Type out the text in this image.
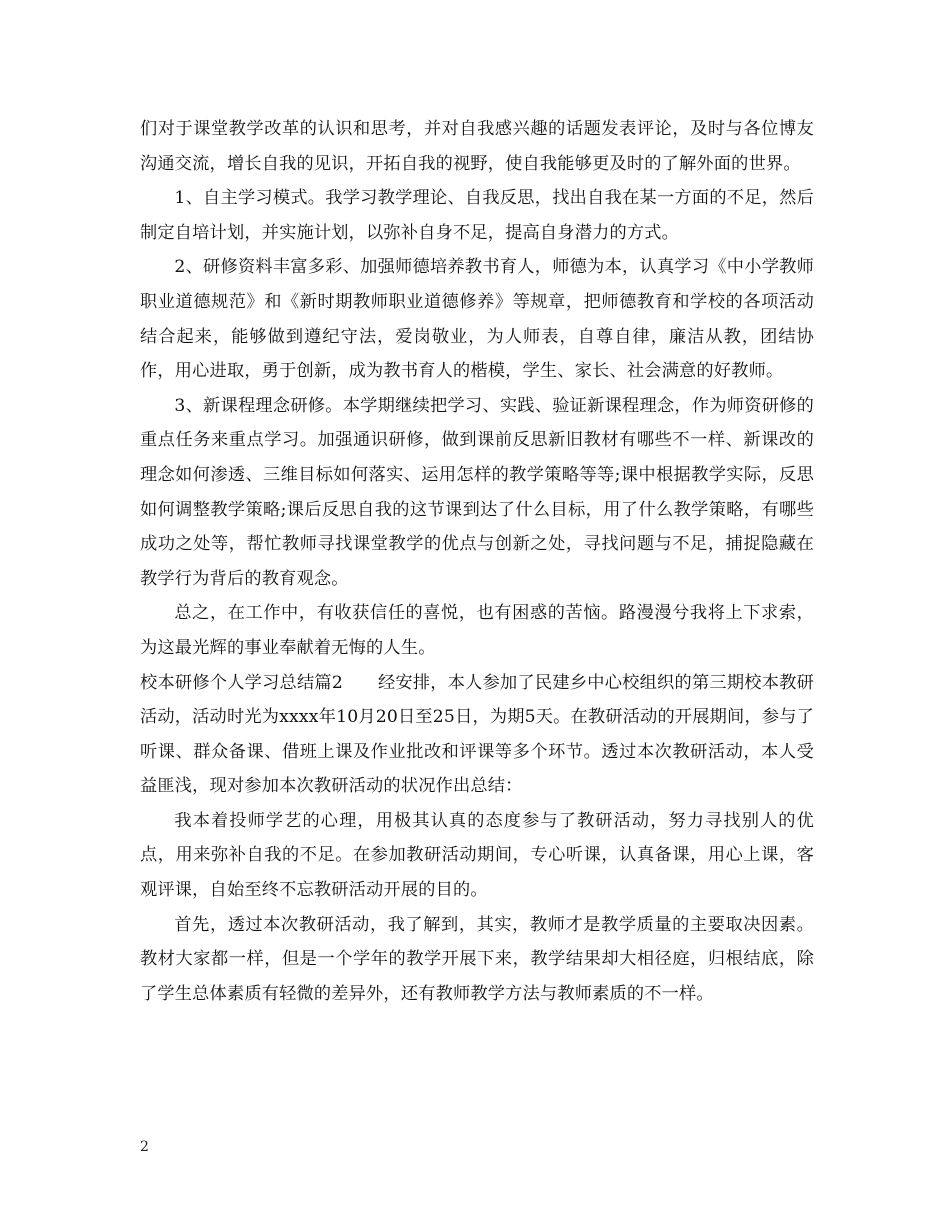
们对于课堂教学改革的认识和思考，并对自我感兴趣的话题发表评论，及时与各位博友沟通交流，增长自我的见识，开拓自我的视野，使自我能够更及时的了解外面的世界。

1、自主学习模式。我学习教学理论、自我反思，找出自我在某一方面的不足，然后制定自培计划，并实施计划，以弥补自身不足，提高自身潜力的方式。

2、研修资料丰富多彩、加强师德培养教书育人，师德为本，认真学习《中小学教师职业道德规范》和《新时期教师职业道德修养》等规章，把师德教育和学校的各项活动结合起来，能够做到遵纪守法，爱岗敬业，为人师表，自尊自律，廉洁从教，团结协作，用心进取，勇于创新，成为教书育人的楷模，学生、家长、社会满意的好教师。

3、新课程理念研修。本学期继续把学习、实践、验证新课程理念，作为师资研修的重点任务来重点学习。加强通识研修，做到课前反思新旧教材有哪些不一样、新课改的理念如何渗透、三维目标如何落实、运用怎样的教学策略等等;课中根据教学实际，反思如何调整教学策略;课后反思自我的这节课到达了什么目标，用了什么教学策略，有哪些成功之处等，帮忙教师寻找课堂教学的优点与创新之处，寻找问题与不足，捕捉隐藏在教学行为背后的教育观念。

总之，在工作中，有收获信任的喜悦，也有困惑的苦恼。路漫漫兮我将上下求索，为这最光辉的事业奉献着无悔的人生。

校本研修个人学习总结篇2　　经安排，本人参加了民建乡中心校组织的第三期校本教研活动，活动时光为xxxx年10月20日至25日，为期5天。在教研活动的开展期间，参与了听课、群众备课、借班上课及作业批改和评课等多个环节。透过本次教研活动，本人受益匪浅，现对参加本次教研活动的状况作出总结：

我本着投师学艺的心理，用极其认真的态度参与了教研活动，努力寻找别人的优点，用来弥补自我的不足。在参加教研活动期间，专心听课，认真备课，用心上课，客观评课，自始至终不忘教研活动开展的目的。

首先，透过本次教研活动，我了解到，其实，教师才是教学质量的主要取决因素。教材大家都一样，但是一个学年的教学开展下来，教学结果却大相径庭，归根结底，除了学生总体素质有轻微的差异外，还有教师教学方法与教师素质的不一样。

2
